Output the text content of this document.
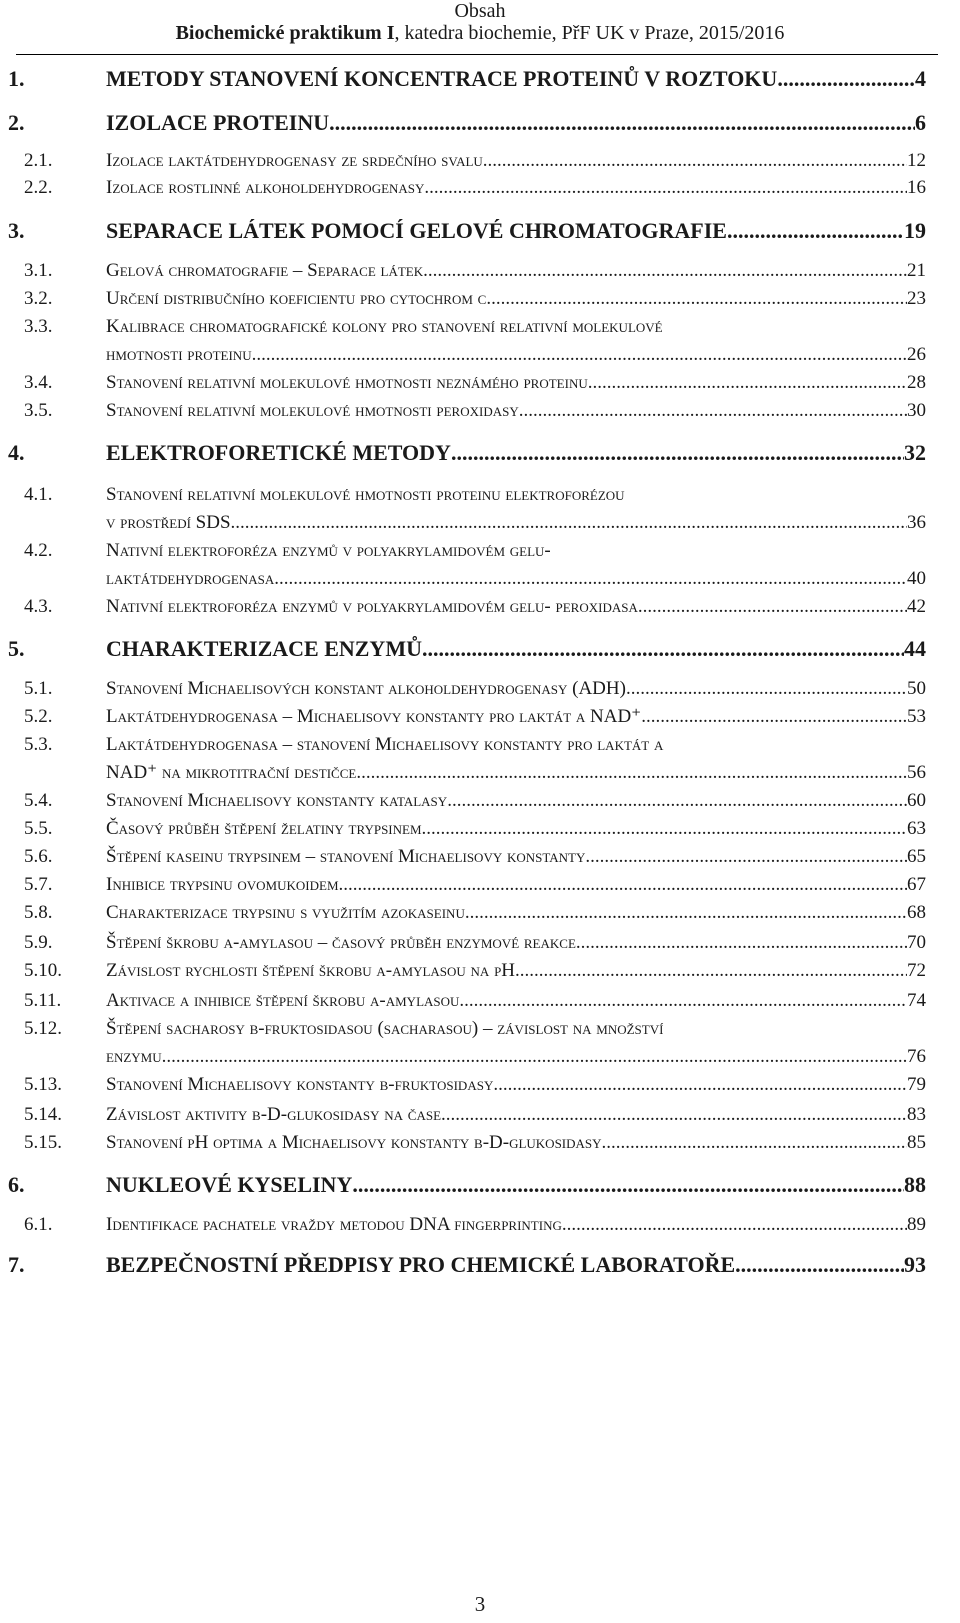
Obsah
Biochemické praktikum I, katedra biochemie, PřF UK v Praze, 2015/2016
1.	METODY STANOVENÍ KONCENTRACE PROTEINŮ V ROZTOKU .....	4
2.	IZOLACE PROTEINU .....	6
2.1.	Izolace laktátdehydrogenasy ze srdečního svalu .....	12
2.2.	Izolace rostlinné alkoholdehydrogenasy .....	16
3.	SEPARACE LÁTEK POMOCÍ GELOVÉ CHROMATOGRAFIE .....	19
3.1.	Gelová chromatografie – Separace látek .....	21
3.2.	Určení distribučního koeficientu pro cytochrom c .....	23
3.3.	Kalibrace chromatografické kolony pro stanovení relativní molekulové
hmotnosti proteinu .....	26
3.4.	Stanovení relativní molekulové hmotnosti neznámého proteinu .....	28
3.5.	Stanovení relativní molekulové hmotnosti peroxidasy .....	30
4.	ELEKTROFORETICKÉ METODY .....	32
4.1.	Stanovení relativní molekulové hmotnosti proteinu elektroforézou
v prostředí SDS .....	36
4.2.	Nativní elektroforéza enzymů v polyakrylamidovém gelu-
laktátdehydrogenasa .....	40
4.3.	Nativní elektroforéza enzymů v polyakrylamidovém gelu- peroxidasa .....	42
5.	CHARAKTERIZACE ENZYMŮ .....	44
5.1.	Stanovení Michaelisových konstant alkoholdehydrogenasy (ADH) .....	50
5.2.	Laktátdehydrogenasa – Michaelisovy konstanty pro laktát a NAD⁺ .....	53
5.3.	Laktátdehydrogenasa – stanovení Michaelisovy konstanty pro laktát a
NAD⁺ na mikrotitrační destičce .....	56
5.4.	Stanovení Michaelisovy konstanty katalasy .....	60
5.5.	Časový průběh štěpení želatiny trypsinem .....	63
5.6.	Štěpení kaseinu trypsinem – stanovení Michaelisovy konstanty .....	65
5.7.	Inhibice trypsinu ovomukoidem .....	67
5.8.	Charakterizace trypsinu s využitím azokaseinu. .....	68
5.9.	Štěpení škrobu α-amylasou – časový průběh enzymové reakce .....	70
5.10. Závislost rychlosti štěpení škrobu α-amylasou na pH .....	72
5.11. Aktivace a inhibice štěpení škrobu α-amylasou .....	74
5.12. Štěpení sacharosy β-fruktosidasou (sacharasou) – závislost na množství
enzymu .....	76
5.13. Stanovení Michaelisovy konstanty β-fruktosidasy .....	79
5.14. Závislost aktivity β-D-glukosidasy na čase .....	83
5.15. Stanovení pH optima a Michaelisovy konstanty β-D-glukosidasy .....	85
6.	NUKLEOVÉ KYSELINY .....	88
6.1.	Identifikace pachatele vraždy metodou DNA fingerprinting .....	89
7.	BEZPEČNOSTNÍ PŘEDPISY PRO CHEMICKÉ LABORATOŘE .....	93
3
